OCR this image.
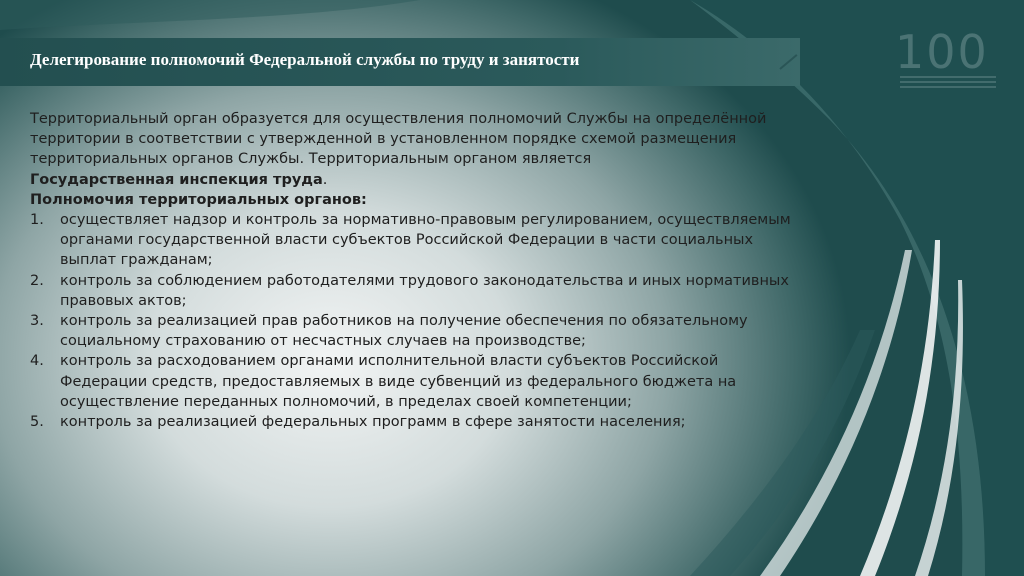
100
Делегирование полномочий Федеральной службы по труду и занятости

Территориальный орган образуется для осуществления полномочий Службы на определённой территории в соответствии с утвержденной в установленном порядке схемой размещения территориальных органов Службы. Территориальным органом является
Государственная инспекция труда.

Полномочия территориальных органов:

1. осуществляет надзор и контроль за нормативно-правовым регулированием, осуществляемым органами государственной власти субъектов Российской Федерации в части социальных выплат гражданам;
2. контроль за соблюдением работодателями трудового законодательства и иных нормативных правовых актов;
3. контроль за реализацией прав работников на получение обеспечения по обязательному социальному страхованию от несчастных случаев на производстве;
4. контроль за расходованием органами исполнительной власти субъектов Российской Федерации средств, предоставляемых в виде субвенций из федерального бюджета на осуществление переданных полномочий, в пределах своей компетенции;
5. контроль за реализацией федеральных программ в сфере занятости населения;
